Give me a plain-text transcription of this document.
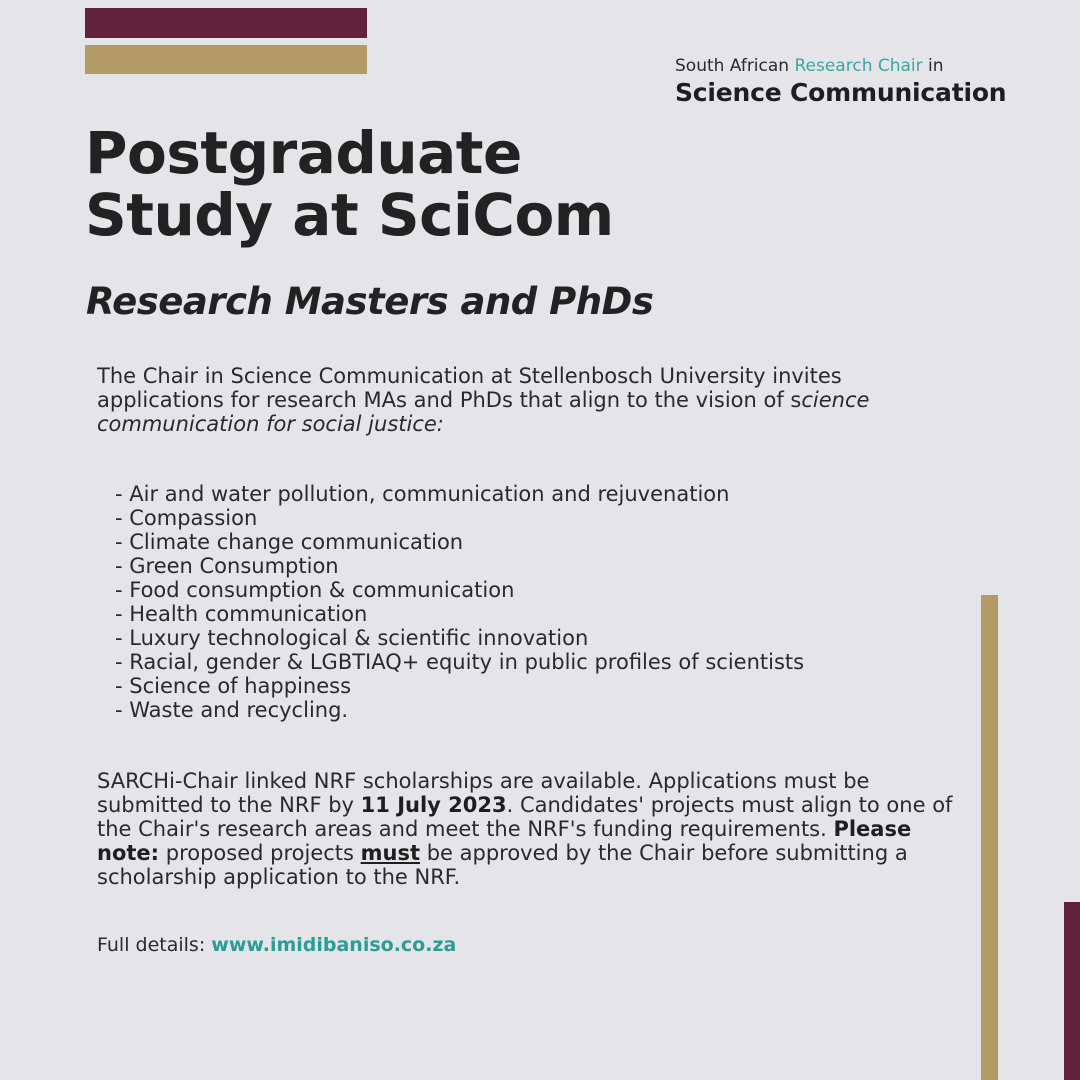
South African Research Chair in
Science Communication
Postgraduate
Study at SciCom
Research Masters and PhDs

The Chair in Science Communication at Stellenbosch University invites applications for research MAs and PhDs that align to the vision of science communication for social justice:

- Air and water pollution, communication and rejuvenation
- Compassion
- Climate change communication
- Green Consumption
- Food consumption & communication
- Health communication
- Luxury technological & scientific innovation
- Racial, gender & LGBTIAQ+ equity in public profiles of scientists
- Science of happiness
- Waste and recycling.

SARCHi-Chair linked NRF scholarships are available. Applications must be submitted to the NRF by 11 July 2023. Candidates' projects must align to one of the Chair's research areas and meet the NRF's funding requirements. Please note: proposed projects must be approved by the Chair before submitting a scholarship application to the NRF.

Full details: www.imidibaniso.co.za
